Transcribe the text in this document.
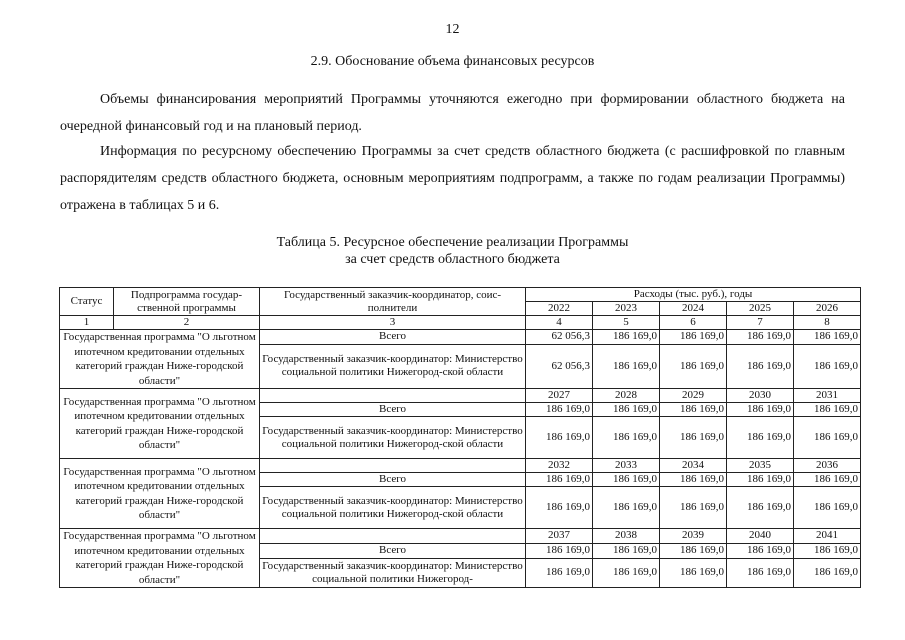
12
2.9. Обоснование объема финансовых ресурсов

Объемы финансирования мероприятий Программы уточняются ежегодно при формировании областного бюджета на очередной финансовый год и на плановый период.

Информация по ресурсному обеспечению Программы за счет средств областного бюджета (с расшифровкой по главным распорядителям средств областного бюджета, основным мероприятиям подпрограмм, а также по годам реализации Программы) отражена в таблицах 5 и 6.

Таблица 5. Ресурсное обеспечение реализации Программы
за счет средств областного бюджета
Статус	Подпрограмма государ-ственной программы	Государственный заказчик-координатор, соис-полнители	Расходы (тыс. руб.), годы				
			2022	2023	2024	2025	2026
1	2	3	4	5	6	7	8
Государственная программа "О льготном ипотечном кредитовании отдельных категорий граждан Ниже-городской области"		Всего	62 056,3	186 169,0	186 169,0	186 169,0	186 169,0
		Государственный заказчик-координатор: Министерство социальной политики Нижегород-ской области	62 056,3	186 169,0	186 169,0	186 169,0	186 169,0
Государственная программа "О льготном ипотечном кредитовании отдельных категорий граждан Ниже-городской области"			2027	2028	2029	2030	2031
		Всего	186 169,0	186 169,0	186 169,0	186 169,0	186 169,0
		Государственный заказчик-координатор: Министерство социальной политики Нижегород-ской области	186 169,0	186 169,0	186 169,0	186 169,0	186 169,0
Государственная программа "О льготном ипотечном кредитовании отдельных категорий граждан Ниже-городской области"			2032	2033	2034	2035	2036
		Всего	186 169,0	186 169,0	186 169,0	186 169,0	186 169,0
		Государственный заказчик-координатор: Министерство социальной политики Нижегород-ской области	186 169,0	186 169,0	186 169,0	186 169,0	186 169,0
Государственная программа "О льготном ипотечном кредитовании отдельных категорий граждан Ниже-городской области"			2037	2038	2039	2040	2041
		Всего	186 169,0	186 169,0	186 169,0	186 169,0	186 169,0
		Государственный заказчик-координатор: Министерство социальной политики Нижегород-	186 169,0	186 169,0	186 169,0	186 169,0	186 169,0
